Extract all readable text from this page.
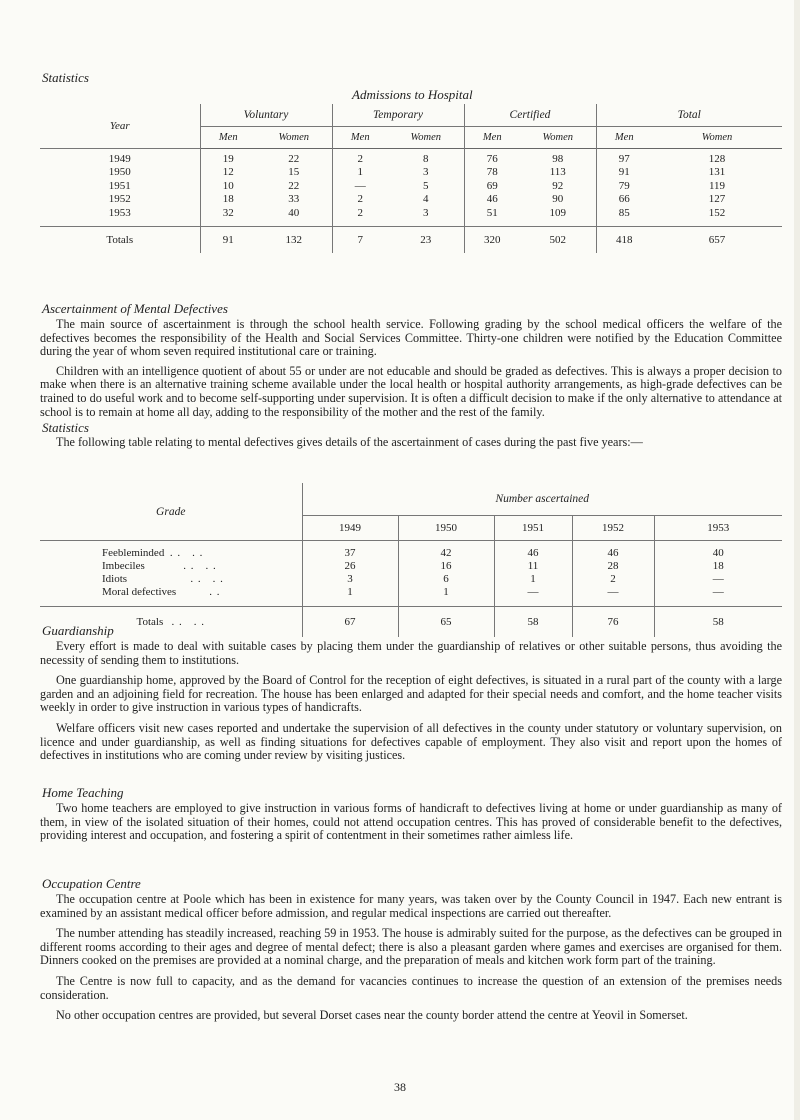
Statistics
Admissions to Hospital
Year	Voluntary		Temporary		Certified		Total	
	Men	Women	Men	Women	Men	Women	Men	Women
1949	19	22	2	8	76	98	97	128
1950	12	15	1	3	78	113	91	131
1951	10	22	—	5	69	92	79	119
1952	18	33	2	4	46	90	66	127
1953	32	40	2	3	51	109	85	152
Totals	91	132	7	23	320	502	418	657
Ascertainment of Mental Defectives

The main source of ascertainment is through the school health service. Following grading by the school medical officers the welfare of the defectives becomes the responsibility of the Health and Social Services Committee. Thirty-one children were notified by the Education Committee during the year of whom seven required institutional care or training.

Children with an intelligence quotient of about 55 or under are not educable and should be graded as defectives. This is always a proper decision to make when there is an alternative training scheme available under the local health or hospital authority arrangements, as high-grade defectives can be trained to do useful work and to become self-supporting under supervision. It is often a difficult decision to make if the only alternative to attendance at school is to remain at home all day, adding to the responsibility of the mother and the rest of the family.

Statistics

The following table relating to mental defectives gives details of the ascertainment of cases during the past five years:—

Grade	Number ascertained				
	1949	1950	1951	1952	1953
Feebleminded . . . .	37	42	46	46	40
Imbeciles . . . .	26	16	11	28	18
Idiots . . . .	3	6	1	2	—
Moral defectives . .	1	1	—	—	—
Totals . . . .	67	65	58	76	58
Guardianship

Every effort is made to deal with suitable cases by placing them under the guardianship of relatives or other suitable persons, thus avoiding the necessity of sending them to institutions.

One guardianship home, approved by the Board of Control for the reception of eight defectives, is situated in a rural part of the county with a large garden and an adjoining field for recreation. The house has been enlarged and adapted for their special needs and comfort, and the home teacher visits weekly in order to give instruction in various types of handicrafts.

Welfare officers visit new cases reported and undertake the supervision of all defectives in the county under statutory or voluntary supervision, on licence and under guardianship, as well as finding situations for defectives capable of employment. They also visit and report upon the homes of defectives in institutions who are coming under review by visiting justices.

Home Teaching

Two home teachers are employed to give instruction in various forms of handicraft to defectives living at home or under guardianship as many of them, in view of the isolated situation of their homes, could not attend occupation centres. This has proved of considerable benefit to the defectives, providing interest and occupation, and fostering a spirit of contentment in their sometimes rather aimless life.

Occupation Centre

The occupation centre at Poole which has been in existence for many years, was taken over by the County Council in 1947. Each new entrant is examined by an assistant medical officer before admission, and regular medical inspections are carried out thereafter.

The number attending has steadily increased, reaching 59 in 1953. The house is admirably suited for the purpose, as the defectives can be grouped in different rooms according to their ages and degree of mental defect; there is also a pleasant garden where games and exercises are organised for them. Dinners cooked on the premises are provided at a nominal charge, and the preparation of meals and kitchen work form part of the training.

The Centre is now full to capacity, and as the demand for vacancies continues to increase the question of an extension of the premises needs consideration.

No other occupation centres are provided, but several Dorset cases near the county border attend the centre at Yeovil in Somerset.

38
